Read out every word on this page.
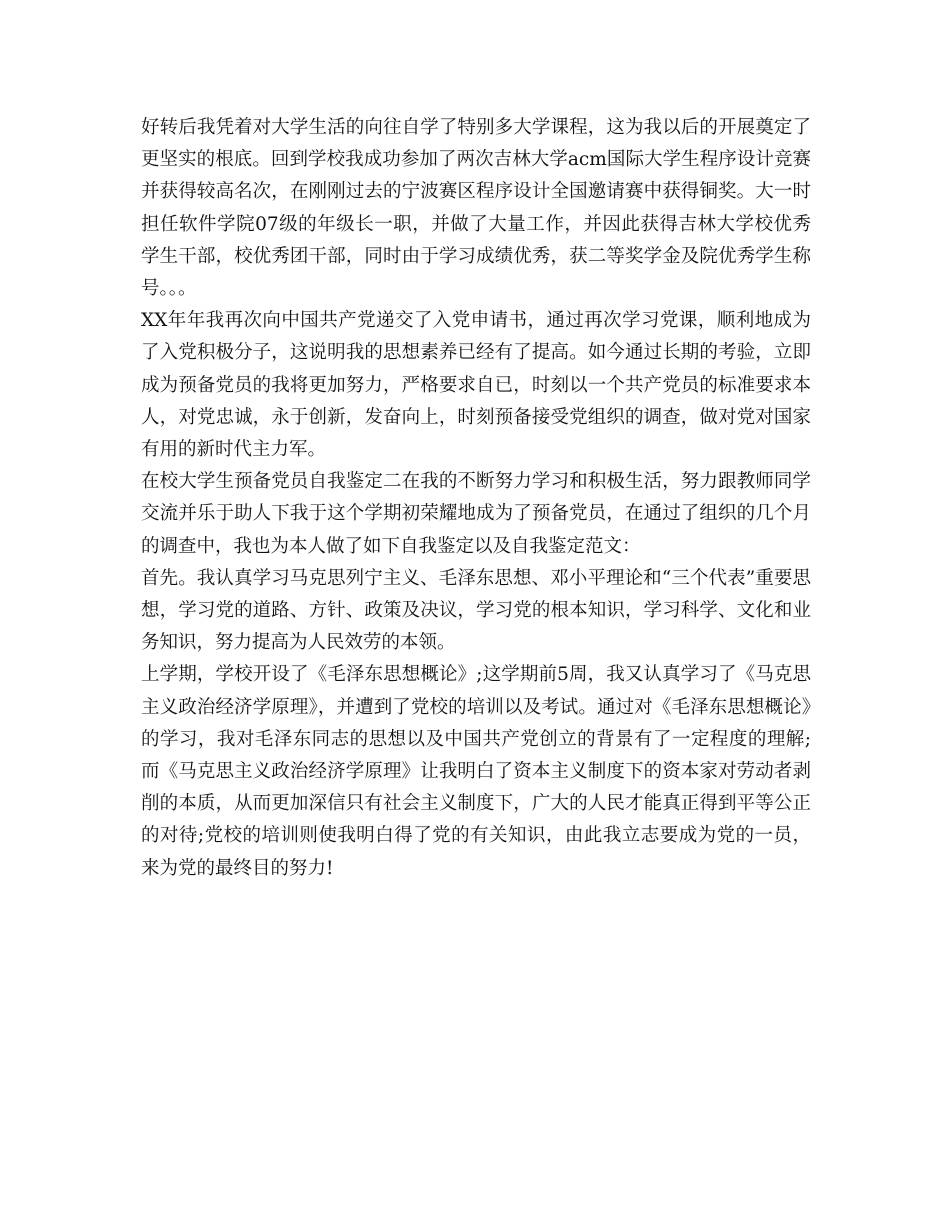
好转后我凭着对大学生活的向往自学了特别多大学课程，这为我以后的开展奠定了更坚实的根底。回到学校我成功参加了两次吉林大学acm国际大学生程序设计竞赛并获得较高名次，在刚刚过去的宁波赛区程序设计全国邀请赛中获得铜奖。大一时担任软件学院07级的年级长一职，并做了大量工作，并因此获得吉林大学校优秀学生干部，校优秀团干部，同时由于学习成绩优秀，获二等奖学金及院优秀学生称号。。。

XX年年我再次向中国共产党递交了入党申请书，通过再次学习党课，顺利地成为了入党积极分子，这说明我的思想素养已经有了提高。如今通过长期的考验，立即成为预备党员的我将更加努力，严格要求自已，时刻以一个共产党员的标准要求本人，对党忠诚，永于创新，发奋向上，时刻预备接受党组织的调查，做对党对国家有用的新时代主力军。

在校大学生预备党员自我鉴定二在我的不断努力学习和积极生活，努力跟教师同学交流并乐于助人下我于这个学期初荣耀地成为了预备党员，在通过了组织的几个月的调查中，我也为本人做了如下自我鉴定以及自我鉴定范文：

首先。我认真学习马克思列宁主义、毛泽东思想、邓小平理论和“三个代表”重要思想，学习党的道路、方针、政策及决议，学习党的根本知识，学习科学、文化和业务知识，努力提高为人民效劳的本领。

上学期，学校开设了《毛泽东思想概论》;这学期前5周，我又认真学习了《马克思主义政治经济学原理》，并遭到了党校的培训以及考试。通过对《毛泽东思想概论》的学习，我对毛泽东同志的思想以及中国共产党创立的背景有了一定程度的理解;而《马克思主义政治经济学原理》让我明白了资本主义制度下的资本家对劳动者剥削的本质，从而更加深信只有社会主义制度下，广大的人民才能真正得到平等公正的对待;党校的培训则使我明白得了党的有关知识，由此我立志要成为党的一员，来为党的最终目的努力!
